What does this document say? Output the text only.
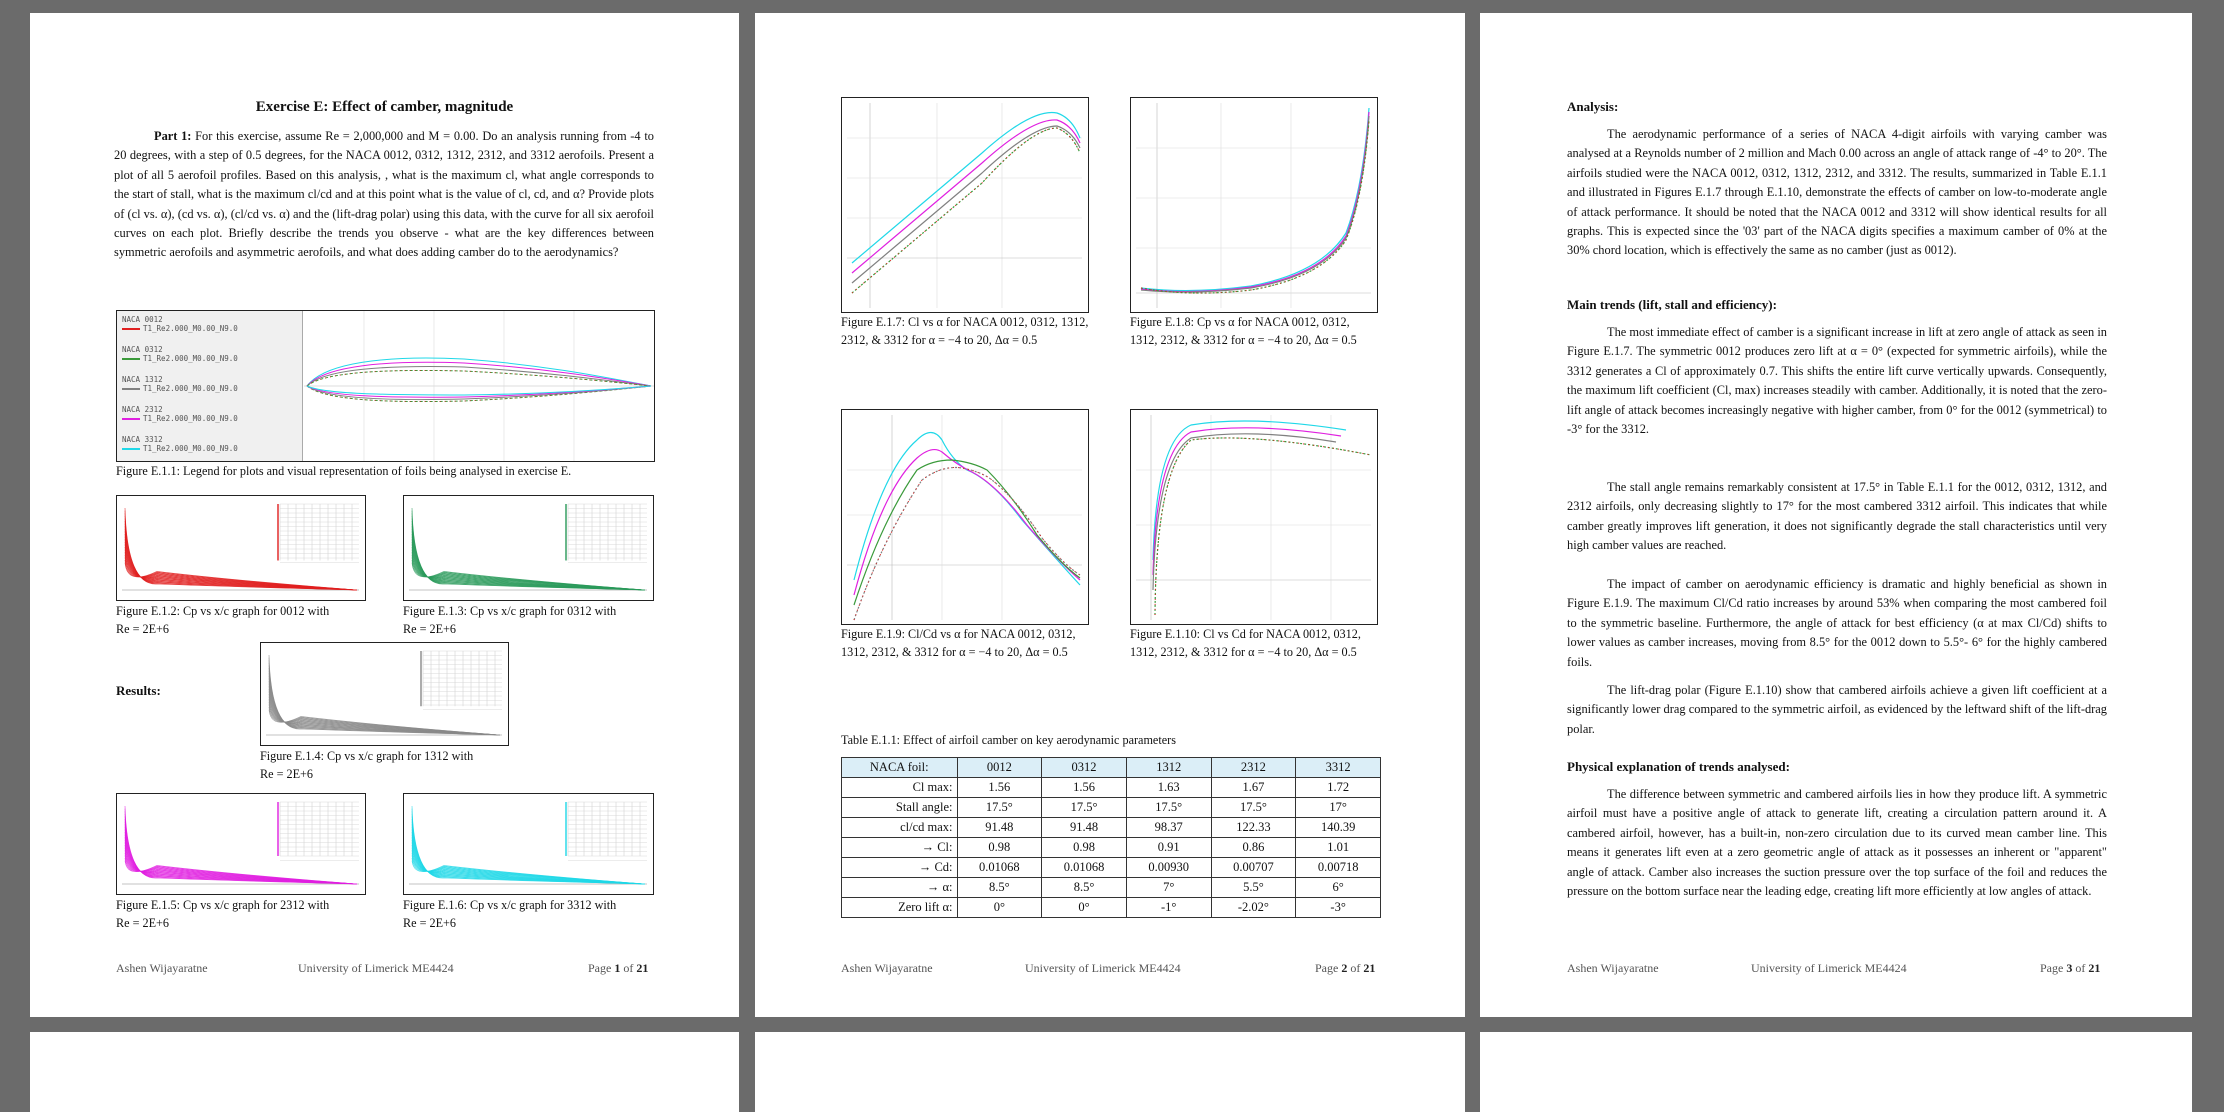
Exercise E: Effect of camber, magnitude
Part 1: For this exercise, assume Re = 2,000,000 and M = 0.00. Do an analysis running from -4 to 20 degrees, with a step of 0.5 degrees, for the NACA 0012, 0312, 1312, 2312, and 3312 aerofoils. Present a plot of all 5 aerofoil profiles. Based on this analysis, , what is the maximum cl, what angle corresponds to the start of stall, what is the maximum cl/cd and at this point what is the value of cl, cd, and α? Provide plots of (cl vs. α), (cd vs. α), (cl/cd vs. α) and the (lift-drag polar) using this data, with the curve for all six aerofoil curves on each plot. Briefly describe the trends you observe - what are the key differences between symmetric aerofoils and asymmetric aerofoils, and what does adding camber do to the aerodynamics?
NACA 0012
T1_Re2.000_M0.00_N9.0
NACA 0312
T1_Re2.000_M0.00_N9.0
NACA 1312
T1_Re2.000_M0.00_N9.0
NACA 2312
T1_Re2.000_M0.00_N9.0
NACA 3312
T1_Re2.000_M0.00_N9.0
Figure E.1.1: Legend for plots and visual representation of foils being analysed in exercise E.
Figure E.1.2: Cp vs x/c graph for 0012 with
Re = 2E+6
Figure E.1.3: Cp vs x/c graph for 0312 with
Re = 2E+6
Results:
Figure E.1.4: Cp vs x/c graph for 1312 with
Re = 2E+6
Figure E.1.5: Cp vs x/c graph for 2312 with
Re = 2E+6
Figure E.1.6: Cp vs x/c graph for 3312 with
Re = 2E+6
Ashen Wijayaratne	University of Limerick ME4424	Page 1 of 21
Figure E.1.7: Cl vs α for NACA 0012, 0312, 1312, 2312, & 3312 for α = −4 to 20, Δα = 0.5
Figure E.1.8: Cp vs α for NACA 0012, 0312, 1312, 2312, & 3312 for α = −4 to 20, Δα = 0.5
Figure E.1.9: Cl/Cd vs α for NACA 0012, 0312, 1312, 2312, & 3312 for α = −4 to 20, Δα = 0.5
Figure E.1.10: Cl vs Cd for NACA 0012, 0312, 1312, 2312, & 3312 for α = −4 to 20, Δα = 0.5
Table E.1.1: Effect of airfoil camber on key aerodynamic parameters
NACA foil:	0012	0312	1312	2312	3312
Cl max:	1.56	1.56	1.63	1.67	1.72
Stall angle:	17.5°	17.5°	17.5°	17.5°	17°
cl/cd max:	91.48	91.48	98.37	122.33	140.39
→ Cl:	0.98	0.98	0.91	0.86	1.01
→ Cd:	0.01068	0.01068	0.00930	0.00707	0.00718
→ α:	8.5°	8.5°	7°	5.5°	6°
Zero lift α:	0°	0°	-1°	-2.02°	-3°
Ashen Wijayaratne	University of Limerick ME4424	Page 2 of 21
Analysis:
The aerodynamic performance of a series of NACA 4-digit airfoils with varying camber was analysed at a Reynolds number of 2 million and Mach 0.00 across an angle of attack range of -4° to 20°. The airfoils studied were the NACA 0012, 0312, 1312, 2312, and 3312. The results, summarized in Table E.1.1 and illustrated in Figures E.1.7 through E.1.10, demonstrate the effects of camber on low-to-moderate angle of attack performance. It should be noted that the NACA 0012 and 3312 will show identical results for all graphs. This is expected since the '03' part of the NACA digits specifies a maximum camber of 0% at the 30% chord location, which is effectively the same as no camber (just as 0012).
Main trends (lift, stall and efficiency):
The most immediate effect of camber is a significant increase in lift at zero angle of attack as seen in Figure E.1.7. The symmetric 0012 produces zero lift at α = 0° (expected for symmetric airfoils), while the 3312 generates a Cl of approximately 0.7. This shifts the entire lift curve vertically upwards. Consequently, the maximum lift coefficient (Cl, max) increases steadily with camber. Additionally, it is noted that the zero-lift angle of attack becomes increasingly negative with higher camber, from 0° for the 0012 (symmetrical) to -3° for the 3312.
The stall angle remains remarkably consistent at 17.5° in Table E.1.1 for the 0012, 0312, 1312, and 2312 airfoils, only decreasing slightly to 17° for the most cambered 3312 airfoil. This indicates that while camber greatly improves lift generation, it does not significantly degrade the stall characteristics until very high camber values are reached.
The impact of camber on aerodynamic efficiency is dramatic and highly beneficial as shown in Figure E.1.9. The maximum Cl/Cd ratio increases by around 53% when comparing the most cambered foil to the symmetric baseline. Furthermore, the angle of attack for best efficiency (α at max Cl/Cd) shifts to lower values as camber increases, moving from 8.5° for the 0012 down to 5.5°- 6° for the highly cambered foils.
The lift-drag polar (Figure E.1.10) show that cambered airfoils achieve a given lift coefficient at a significantly lower drag compared to the symmetric airfoil, as evidenced by the leftward shift of the lift-drag polar.
Physical explanation of trends analysed:
The difference between symmetric and cambered airfoils lies in how they produce lift. A symmetric airfoil must have a positive angle of attack to generate lift, creating a circulation pattern around it. A cambered airfoil, however, has a built-in, non-zero circulation due to its curved mean camber line. This means it generates lift even at a zero geometric angle of attack as it possesses an inherent or "apparent" angle of attack. Camber also increases the suction pressure over the top surface of the foil and reduces the pressure on the bottom surface near the leading edge, creating lift more efficiently at low angles of attack.
Ashen Wijayaratne	University of Limerick ME4424	Page 3 of 21
